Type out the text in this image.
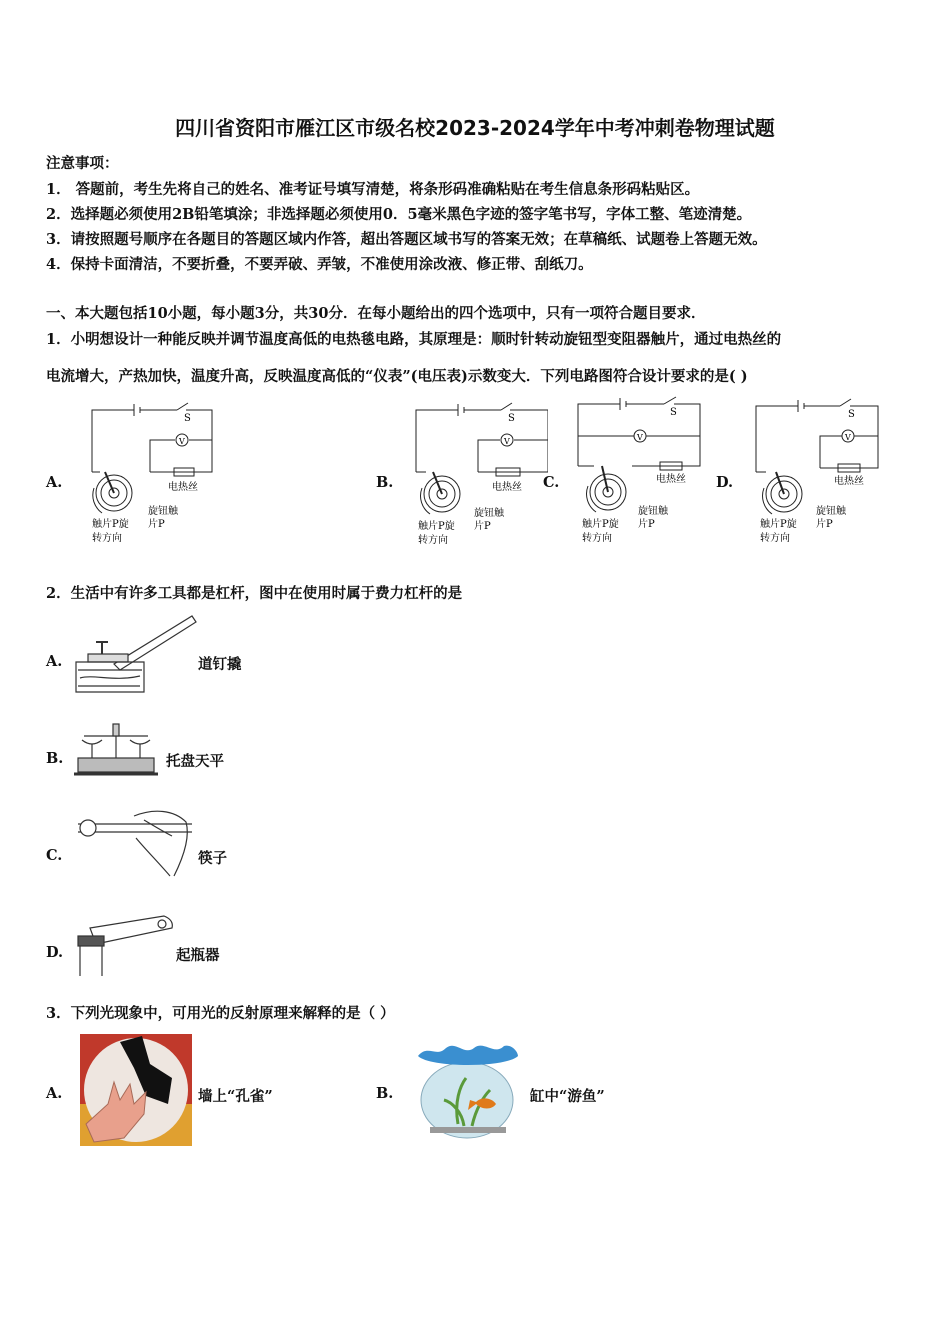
四川省资阳市雁江区市级名校2023-2024学年中考冲刺卷物理试题
注意事项：
1． 答题前，考生先将自己的姓名、准考证号填写清楚，将条形码准确粘贴在考生信息条形码粘贴区。
2．选择题必须使用2B铅笔填涂；非选择题必须使用0．5毫米黑色字迹的签字笔书写，字体工整、笔迹清楚。
3．请按照题号顺序在各题目的答题区域内作答，超出答题区域书写的答案无效；在草稿纸、试题卷上答题无效。
4．保持卡面清洁，不要折叠，不要弄破、弄皱，不准使用涂改液、修正带、刮纸刀。
一、本大题包括10小题，每小题3分，共30分．在每小题给出的四个选项中，只有一项符合题目要求．
1．小明想设计一种能反映并调节温度高低的电热毯电路，其原理是：顺时针转动旋钮型变阻器触片，通过电热丝的
电流增大，产热加快，温度升高，反映温度高低的“仪表”(电压表)示数变大．下列电路图符合设计要求的是( )
A.	B.	C.	D.
S
V
电热丝
旋钮触
片P
触片P旋
转方向
S
V
电热丝
旋钮触
片P
触片P旋
转方向
S
V
电热丝
旋钮触
片P
触片P旋
转方向
S
V
电热丝
旋钮触
片P
触片P旋
转方向
2．生活中有许多工具都是杠杆，图中在使用时属于费力杠杆的是
A.	道钉撬
B.	托盘天平
C.	筷子
D.	起瓶器
3．下列光现象中，可用光的反射原理来解释的是（ ）
A.	墙上“孔雀”	B.	缸中“游鱼”
